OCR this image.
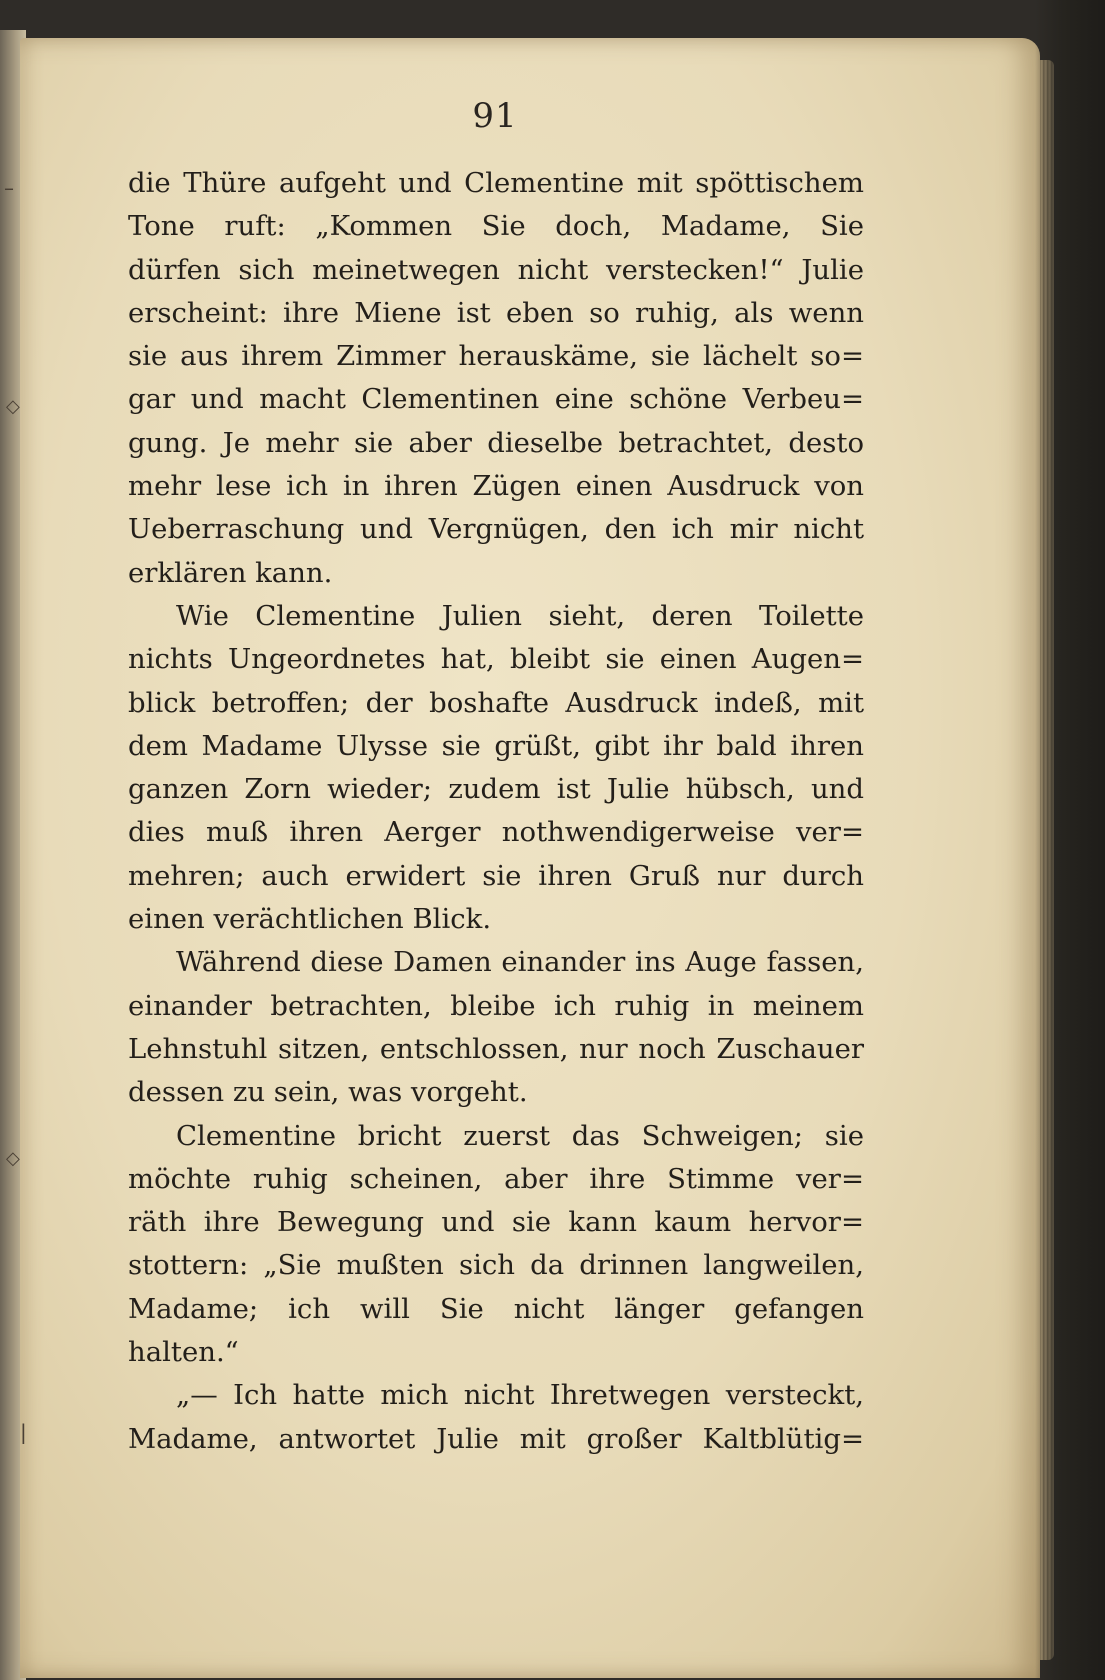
–
◇
◇
|
91
die Thüre aufgeht und Clementine mit spöttischem
Tone ruft: „Kommen Sie doch, Madame, Sie
dürfen sich meinetwegen nicht verstecken!“ Julie
erscheint: ihre Miene ist eben so ruhig, als wenn
sie aus ihrem Zimmer herauskäme, sie lächelt so=
gar und macht Clementinen eine schöne Verbeu=
gung. Je mehr sie aber dieselbe betrachtet, desto
mehr lese ich in ihren Zügen einen Ausdruck von
Ueberraschung und Vergnügen, den ich mir nicht
erklären kann.
Wie Clementine Julien sieht, deren Toilette
nichts Ungeordnetes hat, bleibt sie einen Augen=
blick betroffen; der boshafte Ausdruck indeß, mit
dem Madame Ulysse sie grüßt, gibt ihr bald ihren
ganzen Zorn wieder; zudem ist Julie hübsch, und
dies muß ihren Aerger nothwendigerweise ver=
mehren; auch erwidert sie ihren Gruß nur durch
einen verächtlichen Blick.
Während diese Damen einander ins Auge fassen,
einander betrachten, bleibe ich ruhig in meinem
Lehnstuhl sitzen, entschlossen, nur noch Zuschauer
dessen zu sein, was vorgeht.
Clementine bricht zuerst das Schweigen; sie
möchte ruhig scheinen, aber ihre Stimme ver=
räth ihre Bewegung und sie kann kaum hervor=
stottern: „Sie mußten sich da drinnen langweilen,
Madame; ich will Sie nicht länger gefangen
halten.“
„— Ich hatte mich nicht Ihretwegen versteckt,
Madame, antwortet Julie mit großer Kaltblütig=
